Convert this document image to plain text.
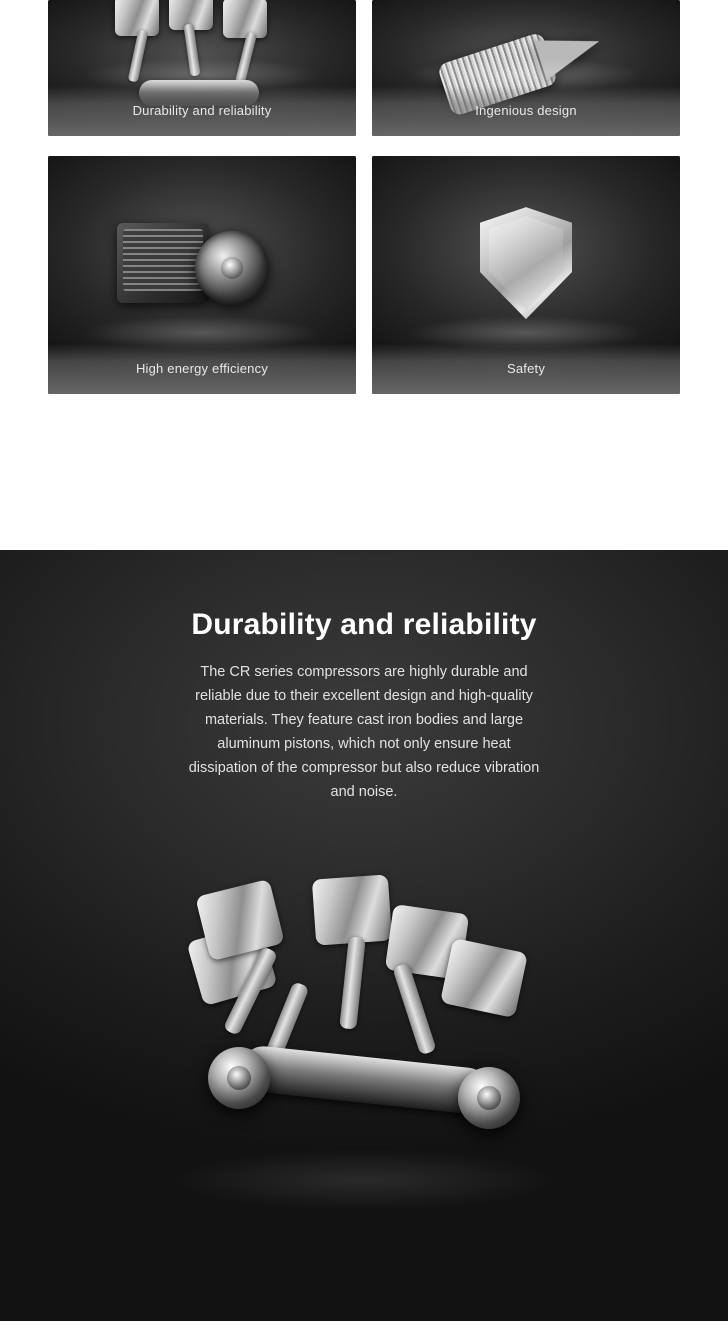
Durability and reliability	Ingenious design
High energy efficiency	Safety
Durability and reliability

The CR series compressors are highly durable and reliable due to their excellent design and high-quality materials. They feature cast iron bodies and large aluminum pistons, which not only ensure heat dissipation of the compressor but also reduce vibration and noise.
